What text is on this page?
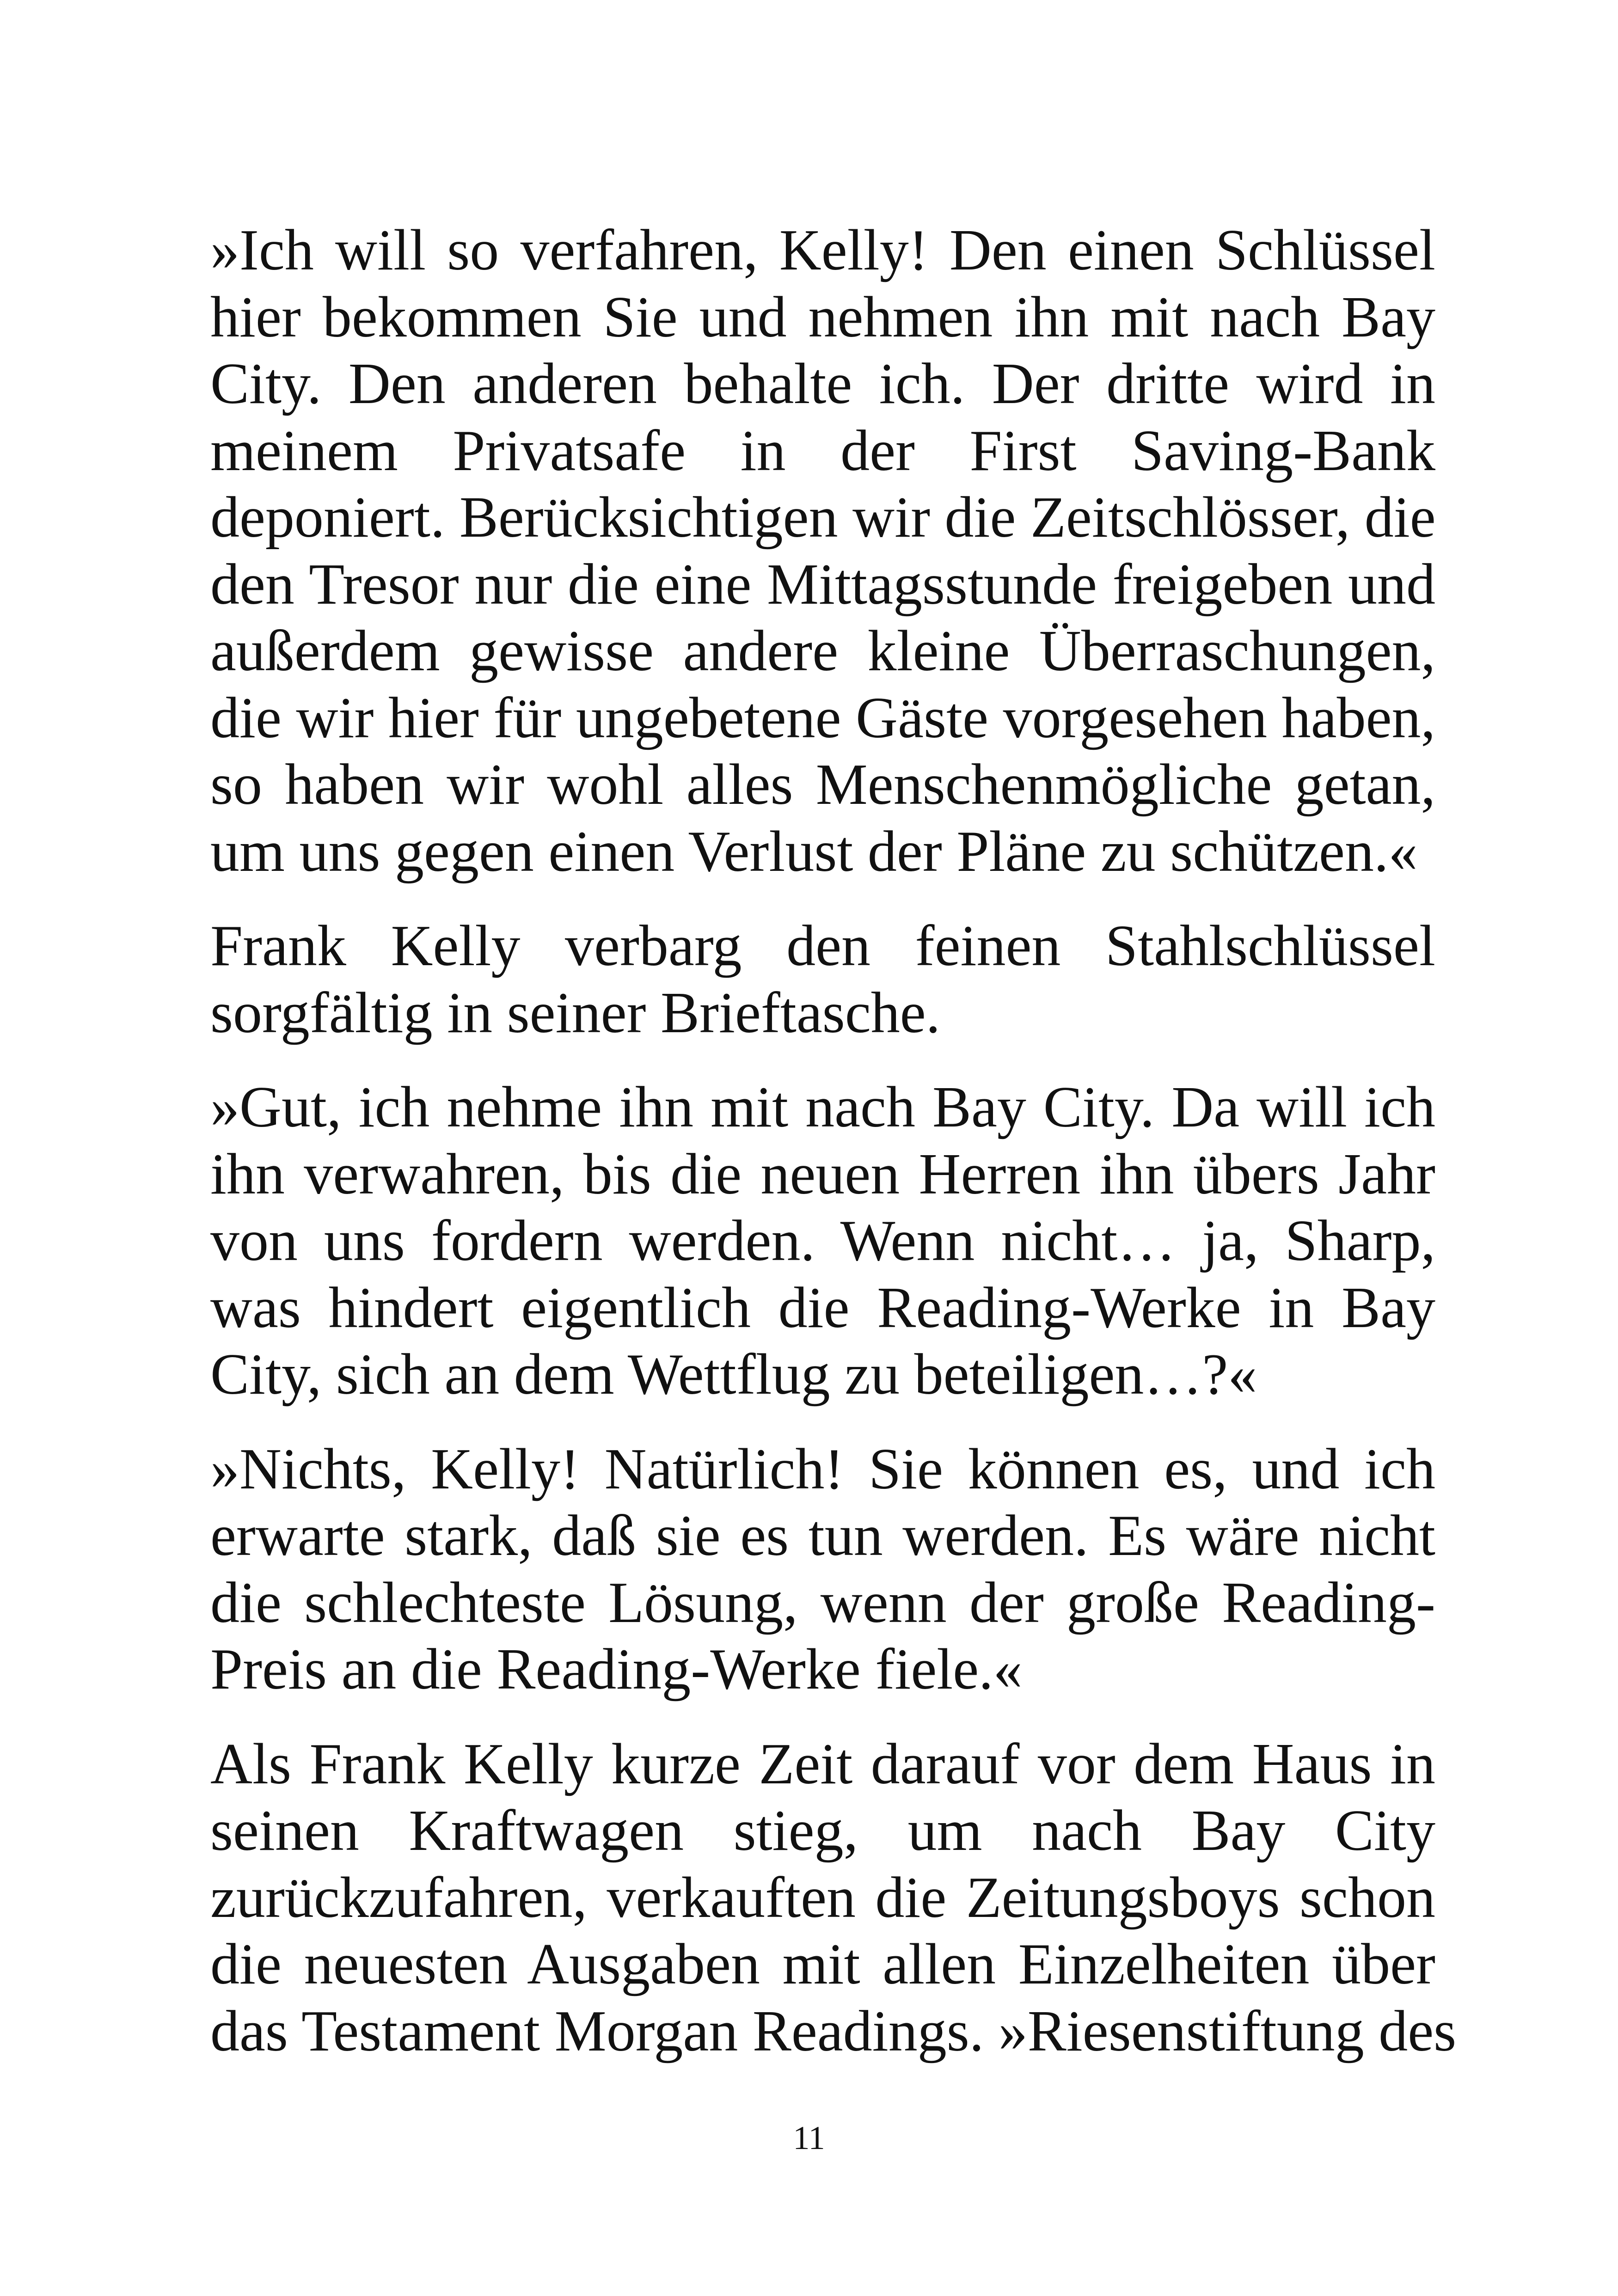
»Ich will so verfahren, Kelly! Den einen Schlüssel
hier bekommen Sie und nehmen ihn mit nach Bay
City. Den anderen behalte ich. Der dritte wird in
meinem Privatsafe in der First Saving-Bank
deponiert. Berücksichtigen wir die Zeitschlösser, die
den Tresor nur die eine Mittagsstunde freigeben und
außerdem gewisse andere kleine Überraschungen,
die wir hier für ungebetene Gäste vorgesehen haben,
so haben wir wohl alles Menschenmögliche getan,
um uns gegen einen Verlust der Pläne zu schützen.«

Frank Kelly verbarg den feinen Stahlschlüssel
sorgfältig in seiner Brieftasche.

»Gut, ich nehme ihn mit nach Bay City. Da will ich
ihn verwahren, bis die neuen Herren ihn übers Jahr
von uns fordern werden. Wenn nicht… ja, Sharp,
was hindert eigentlich die Reading-Werke in Bay
City, sich an dem Wettflug zu beteiligen…?«

»Nichts, Kelly! Natürlich! Sie können es, und ich
erwarte stark, daß sie es tun werden. Es wäre nicht
die schlechteste Lösung, wenn der große Reading-
Preis an die Reading-Werke fiele.«

Als Frank Kelly kurze Zeit darauf vor dem Haus in
seinen Kraftwagen stieg, um nach Bay City
zurückzufahren, verkauften die Zeitungsboys schon
die neuesten Ausgaben mit allen Einzelheiten über
das Testament Morgan Readings. »Riesenstiftung des

11
